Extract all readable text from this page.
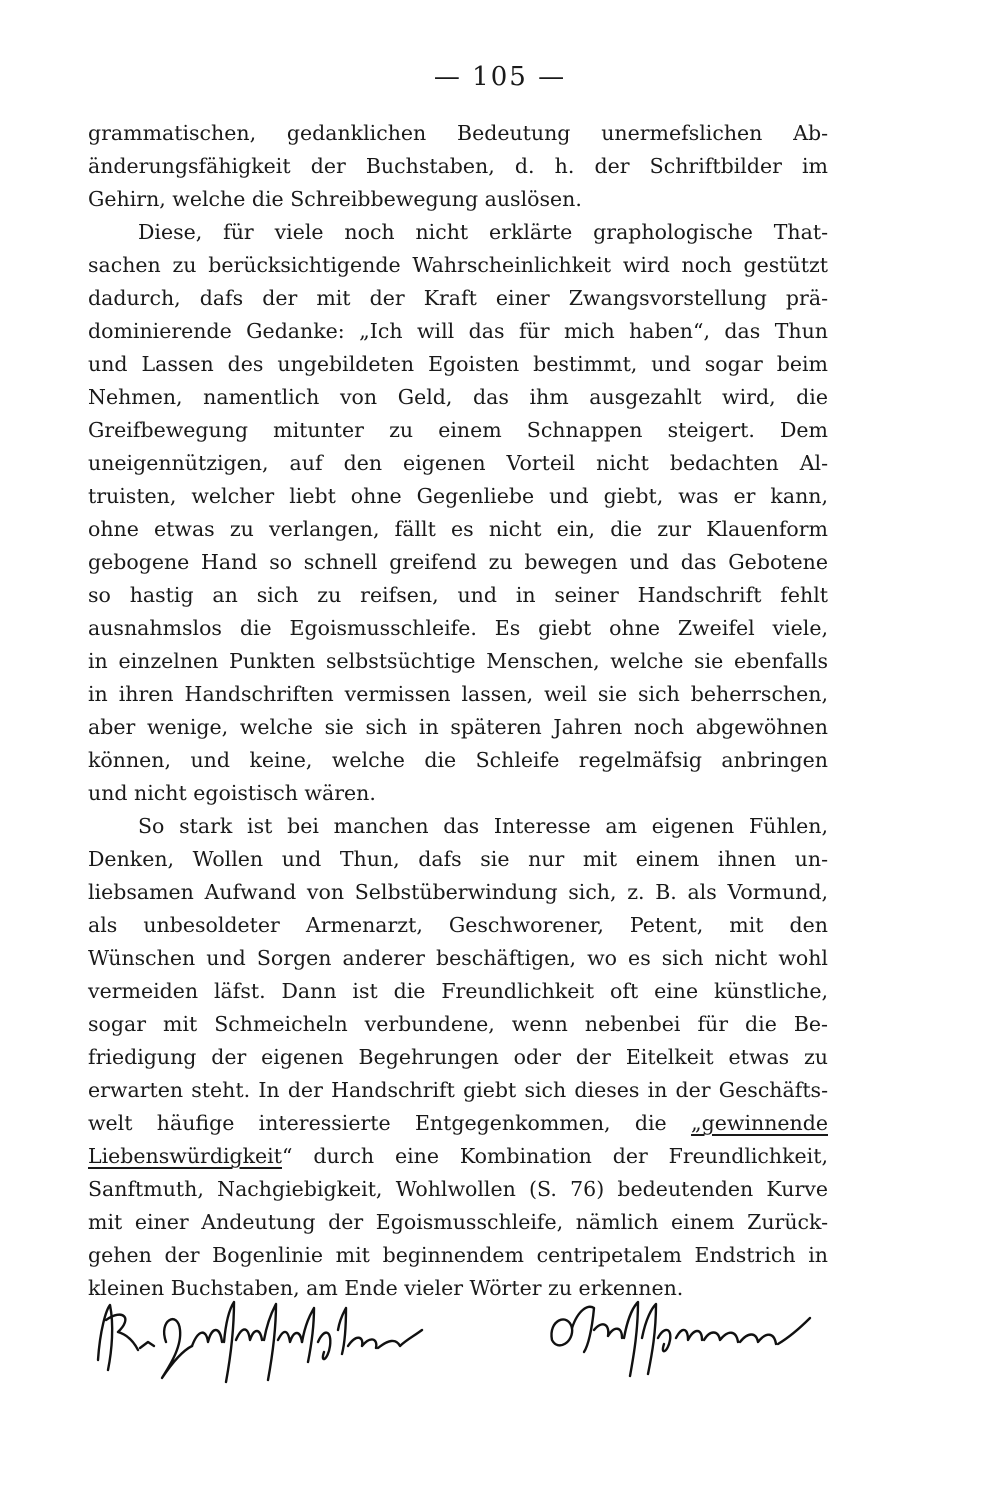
— 105 —
grammatischen, gedanklichen Bedeutung unermefslichen Ab-
änderungsfähigkeit der Buchstaben, d. h. der Schriftbilder im
Gehirn, welche die Schreibbewegung auslösen.
Diese, für viele noch nicht erklärte graphologische That-
sachen zu berücksichtigende Wahrscheinlichkeit wird noch gestützt
dadurch, dafs der mit der Kraft einer Zwangsvorstellung prä-
dominierende Gedanke: „Ich will das für mich haben“, das Thun
und Lassen des ungebildeten Egoisten bestimmt, und sogar beim
Nehmen, namentlich von Geld, das ihm ausgezahlt wird, die
Greifbewegung mitunter zu einem Schnappen steigert. Dem
uneigennützigen, auf den eigenen Vorteil nicht bedachten Al-
truisten, welcher liebt ohne Gegenliebe und giebt, was er kann,
ohne etwas zu verlangen, fällt es nicht ein, die zur Klauenform
gebogene Hand so schnell greifend zu bewegen und das Gebotene
so hastig an sich zu reifsen, und in seiner Handschrift fehlt
ausnahmslos die Egoismusschleife. Es giebt ohne Zweifel viele,
in einzelnen Punkten selbstsüchtige Menschen, welche sie ebenfalls
in ihren Handschriften vermissen lassen, weil sie sich beherrschen,
aber wenige, welche sie sich in späteren Jahren noch abgewöhnen
können, und keine, welche die Schleife regelmäfsig anbringen
und nicht egoistisch wären.
So stark ist bei manchen das Interesse am eigenen Fühlen,
Denken, Wollen und Thun, dafs sie nur mit einem ihnen un-
liebsamen Aufwand von Selbstüberwindung sich, z. B. als Vormund,
als unbesoldeter Armenarzt, Geschworener, Petent, mit den
Wünschen und Sorgen anderer beschäftigen, wo es sich nicht wohl
vermeiden läfst. Dann ist die Freundlichkeit oft eine künstliche,
sogar mit Schmeicheln verbundene, wenn nebenbei für die Be-
friedigung der eigenen Begehrungen oder der Eitelkeit etwas zu
erwarten steht. In der Handschrift giebt sich dieses in der Geschäfts-
welt häufige interessierte Entgegenkommen, die „gewinnende
Liebenswürdigkeit“ durch eine Kombination der Freundlichkeit,
Sanftmuth, Nachgiebigkeit, Wohlwollen (S. 76) bedeutenden Kurve
mit einer Andeutung der Egoismusschleife, nämlich einem Zurück-
gehen der Bogenlinie mit beginnendem centripetalem Endstrich in
kleinen Buchstaben, am Ende vieler Wörter zu erkennen.
